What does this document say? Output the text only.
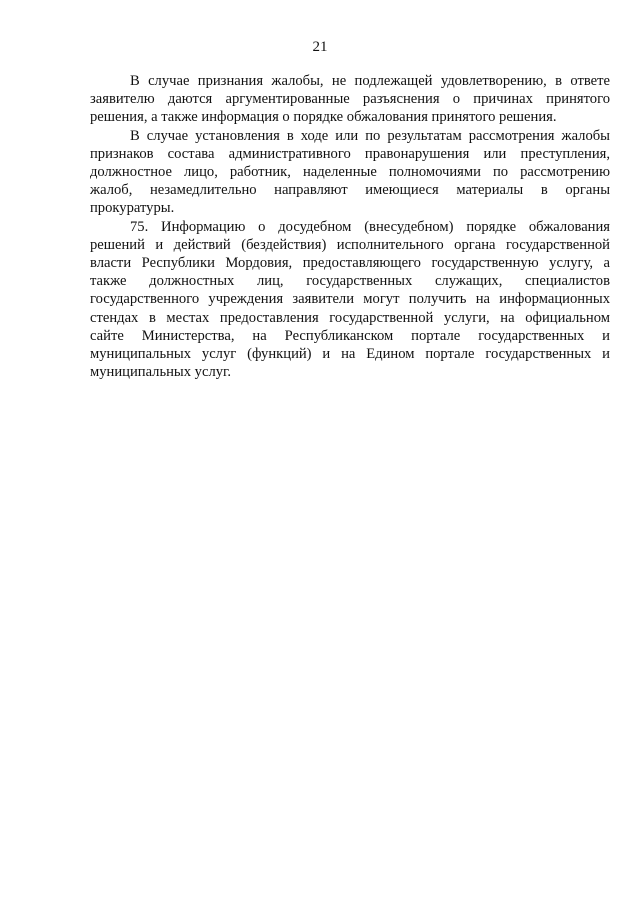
21

В случае признания жалобы, не подлежащей удовлетворению, в ответе
заявителю даются аргументированные разъяснения о причинах принятого
решения, а также информация о порядке обжалования принятого решения.

В случае установления в ходе или по результатам рассмотрения жалобы
признаков состава административного правонарушения или преступления,
должностное лицо, работник, наделенные полномочиями по рассмотрению
жалоб, незамедлительно направляют имеющиеся материалы в органы
прокуратуры.

75. Информацию о досудебном (внесудебном) порядке обжалования
решений и действий (бездействия) исполнительного органа государственной
власти Республики Мордовия, предоставляющего государственную услугу, а
также должностных лиц, государственных служащих, специалистов
государственного учреждения заявители могут получить на информационных
стендах в местах предоставления государственной услуги, на официальном
сайте Министерства, на Республиканском портале государственных и
муниципальных услуг (функций) и на Едином портале государственных и
муниципальных услуг.
